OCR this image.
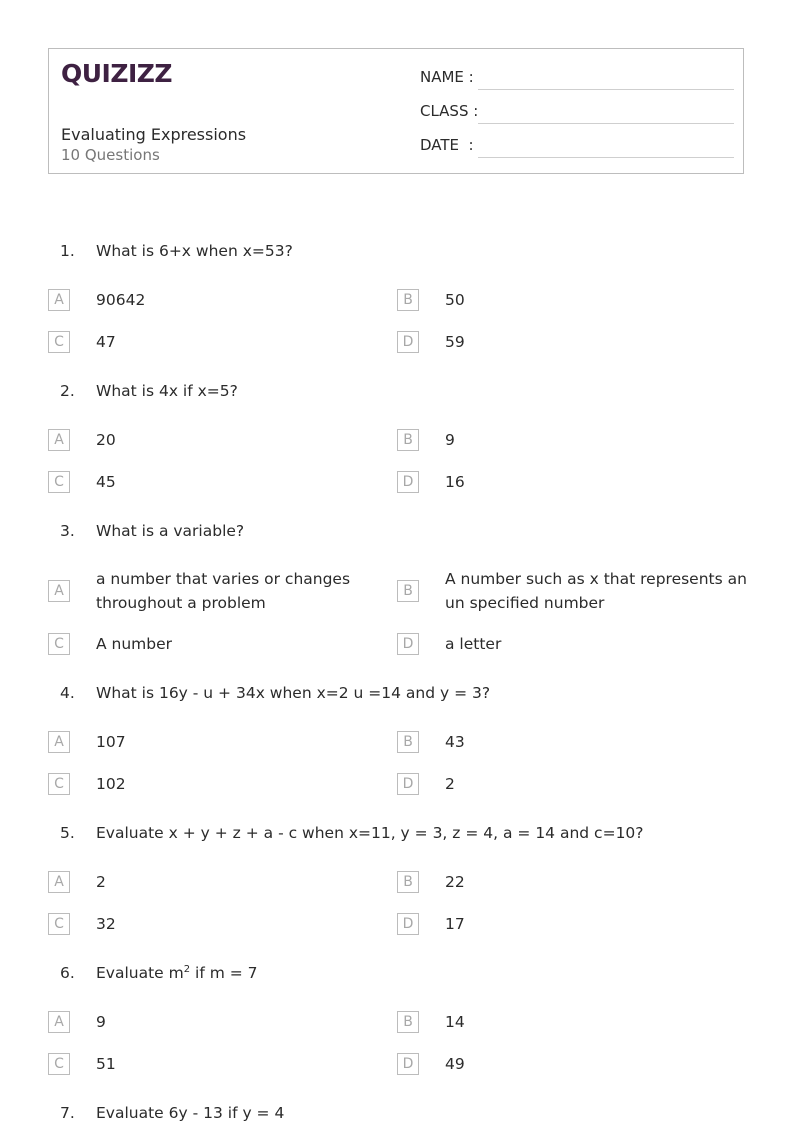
QUIZIZZ
Evaluating Expressions
10 Questions
NAME :
CLASS :
DATE  :
1. What is 6+x when x=53?
A	90642	B	50
C	47	D	59
2. What is 4x if x=5?
A	20	B	9
C	45	D	16
3. What is a variable?
A
a number that varies or changes
throughout a problem
B
A number such as x that represents an
un specified number
C	A number	D	a letter
4. What is 16y - u + 34x when x=2 u =14 and y = 3?
A	107	B	43
C	102	D	2
5. Evaluate x + y + z + a - c when x=11, y = 3, z = 4, a = 14 and c=10?
A	2	B	22
C	32	D	17
6. Evaluate $m^2$ if m = 7
A	9	B	14
C	51	D	49
7. Evaluate 6y - 13 if y = 4
